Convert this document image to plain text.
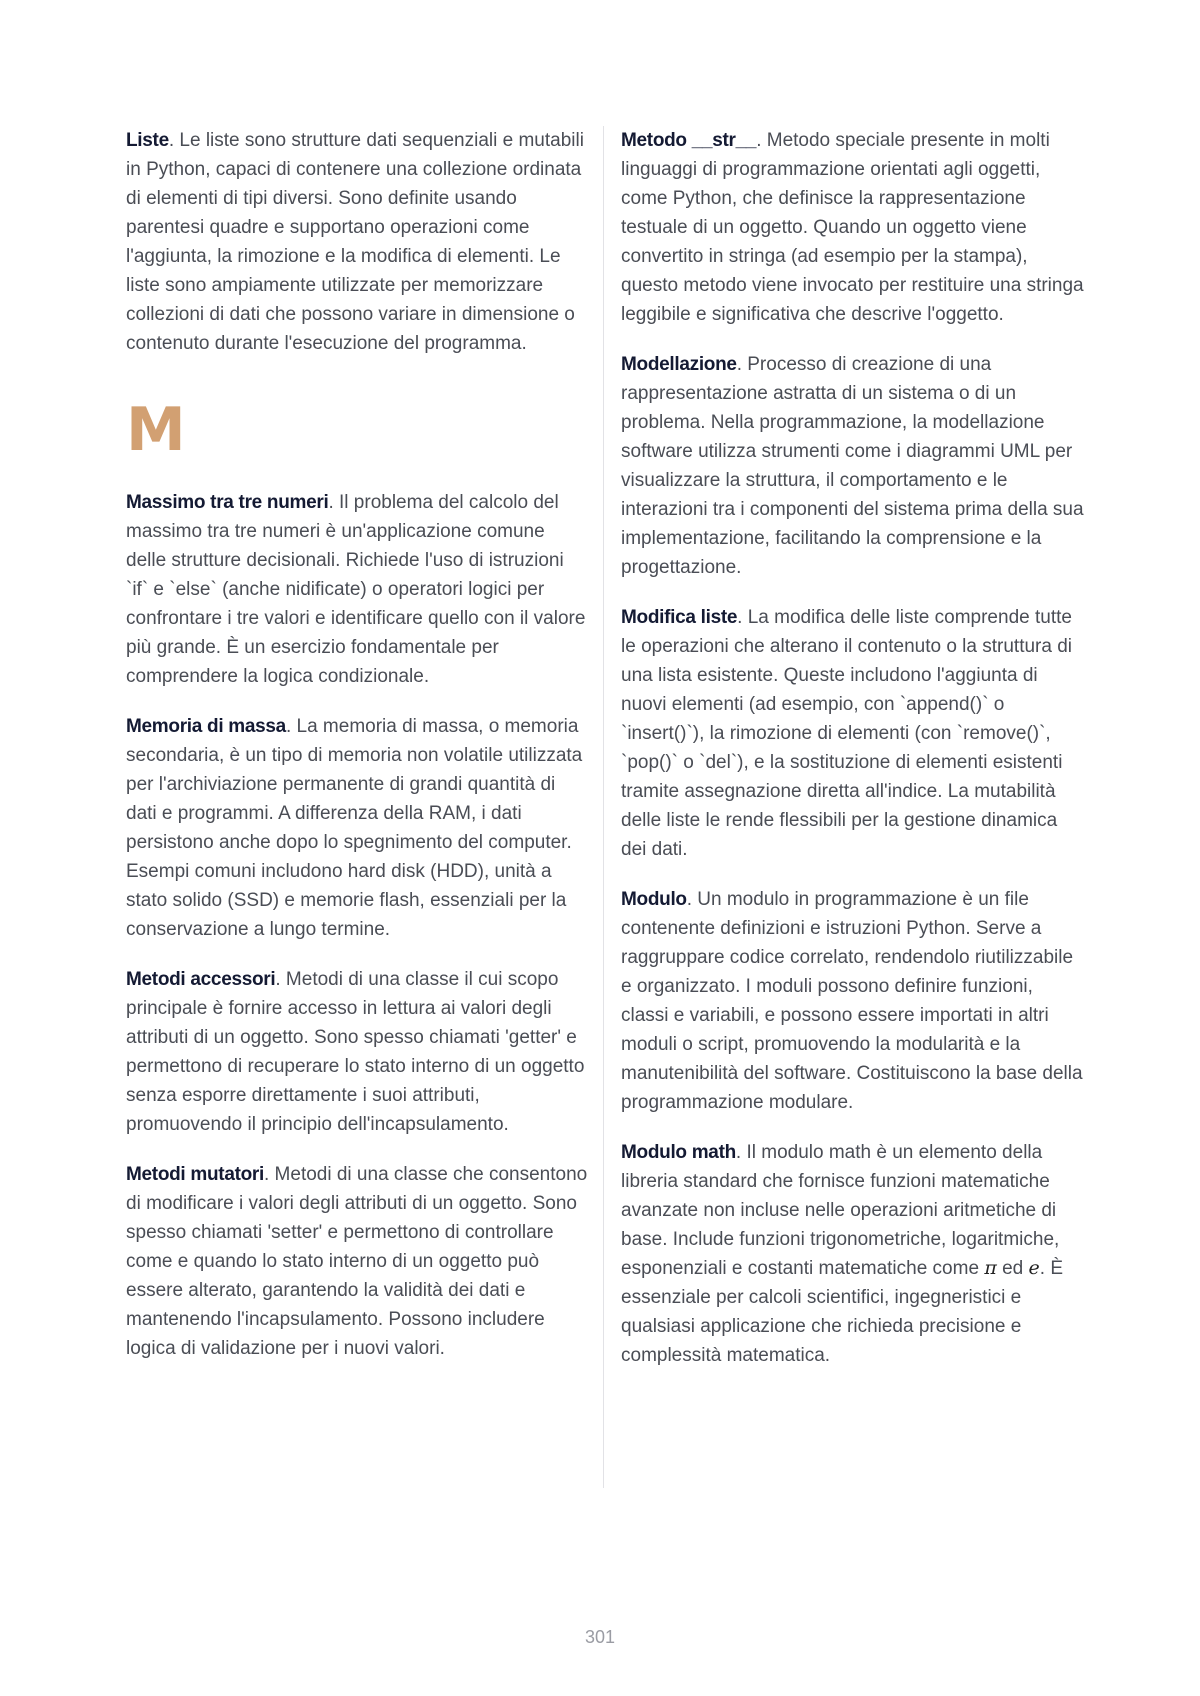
Liste. Le liste sono strutture dati sequenziali e mutabili in Python, capaci di contenere una collezione ordinata di elementi di tipi diversi. Sono definite usando parentesi quadre e supportano operazioni come l'aggiunta, la rimozione e la modifica di elementi. Le liste sono ampiamente utilizzate per memorizzare collezioni di dati che possono variare in dimensione o contenuto durante l'esecuzione del programma.

M

Massimo tra tre numeri. Il problema del calcolo del massimo tra tre numeri è un'applicazione comune delle strutture decisionali. Richiede l'uso di istruzioni `if` e `else` (anche nidificate) o operatori logici per confrontare i tre valori e identificare quello con il valore più grande. È un esercizio fondamentale per comprendere la logica condizionale.

Memoria di massa. La memoria di massa, o memoria secondaria, è un tipo di memoria non volatile utilizzata per l'archiviazione permanente di grandi quantità di dati e programmi. A differenza della RAM, i dati persistono anche dopo lo spegnimento del computer. Esempi comuni includono hard disk (HDD), unità a stato solido (SSD) e memorie flash, essenziali per la conservazione a lungo termine.

Metodi accessori. Metodi di una classe il cui scopo principale è fornire accesso in lettura ai valori degli attributi di un oggetto. Sono spesso chiamati 'getter' e permettono di recuperare lo stato interno di un oggetto senza esporre direttamente i suoi attributi, promuovendo il principio dell'incapsulamento.

Metodi mutatori. Metodi di una classe che consentono di modificare i valori degli attributi di un oggetto. Sono spesso chiamati 'setter' e permettono di controllare come e quando lo stato interno di un oggetto può essere alterato, garantendo la validità dei dati e mantenendo l'incapsulamento. Possono includere logica di validazione per i nuovi valori.

Metodo __str__. Metodo speciale presente in molti linguaggi di programmazione orientati agli oggetti, come Python, che definisce la rappresentazione testuale di un oggetto. Quando un oggetto viene convertito in stringa (ad esempio per la stampa), questo metodo viene invocato per restituire una stringa leggibile e significativa che descrive l'oggetto.

Modellazione. Processo di creazione di una rappresentazione astratta di un sistema o di un problema. Nella programmazione, la modellazione software utilizza strumenti come i diagrammi UML per visualizzare la struttura, il comportamento e le interazioni tra i componenti del sistema prima della sua implementazione, facilitando la comprensione e la progettazione.

Modifica liste. La modifica delle liste comprende tutte le operazioni che alterano il contenuto o la struttura di una lista esistente. Queste includono l'aggiunta di nuovi elementi (ad esempio, con `append()` o `insert()`), la rimozione di elementi (con `remove()`, `pop()` o `del`), e la sostituzione di elementi esistenti tramite assegnazione diretta all'indice. La mutabilità delle liste le rende flessibili per la gestione dinamica dei dati.

Modulo. Un modulo in programmazione è un file contenente definizioni e istruzioni Python. Serve a raggruppare codice correlato, rendendolo riutilizzabile e organizzato. I moduli possono definire funzioni, classi e variabili, e possono essere importati in altri moduli o script, promuovendo la modularità e la manutenibilità del software. Costituiscono la base della programmazione modulare.

Modulo math. Il modulo math è un elemento della libreria standard che fornisce funzioni matematiche avanzate non incluse nelle operazioni aritmetiche di base. Include funzioni trigonometriche, logaritmiche, esponenziali e costanti matematiche come π ed e. È essenziale per calcoli scientifici, ingegneristici e qualsiasi applicazione che richieda precisione e complessità matematica.

301
